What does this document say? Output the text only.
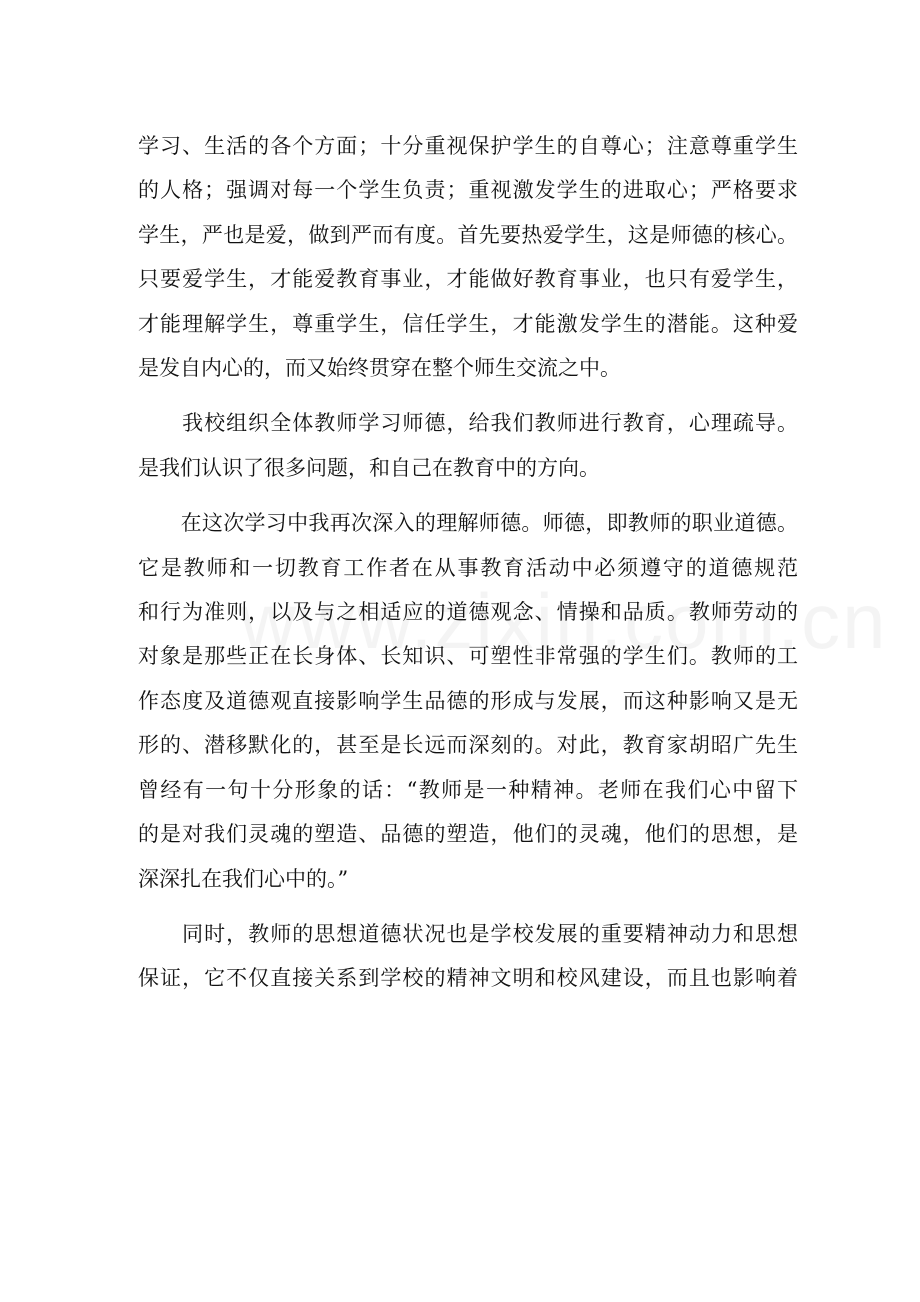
学习、生活的各个方面；十分重视保护学生的自尊心；注意尊重学生
的人格；强调对每一个学生负责；重视激发学生的进取心；严格要求
学生，严也是爱，做到严而有度。首先要热爱学生，这是师德的核心。
只要爱学生，才能爱教育事业，才能做好教育事业，也只有爱学生，
才能理解学生，尊重学生，信任学生，才能激发学生的潜能。这种爱
是发自内心的，而又始终贯穿在整个师生交流之中。

　　我校组织全体教师学习师德，给我们教师进行教育，心理疏导。
是我们认识了很多问题，和自己在教育中的方向。

　　在这次学习中我再次深入的理解师德。师德，即教师的职业道德。
它是教师和一切教育工作者在从事教育活动中必须遵守的道德规范
和行为准则，以及与之相适应的道德观念、情操和品质。教师劳动的
对象是那些正在长身体、长知识、可塑性非常强的学生们。教师的工
作态度及道德观直接影响学生品德的形成与发展，而这种影响又是无
形的、潜移默化的，甚至是长远而深刻的。对此，教育家胡昭广先生
曾经有一句十分形象的话：“教师是一种精神。老师在我们心中留下
的是对我们灵魂的塑造、品德的塑造，他们的灵魂，他们的思想，是
深深扎在我们心中的。”

　　同时，教师的思想道德状况也是学校发展的重要精神动力和思想
保证，它不仅直接关系到学校的精神文明和校风建设，而且也影响着
